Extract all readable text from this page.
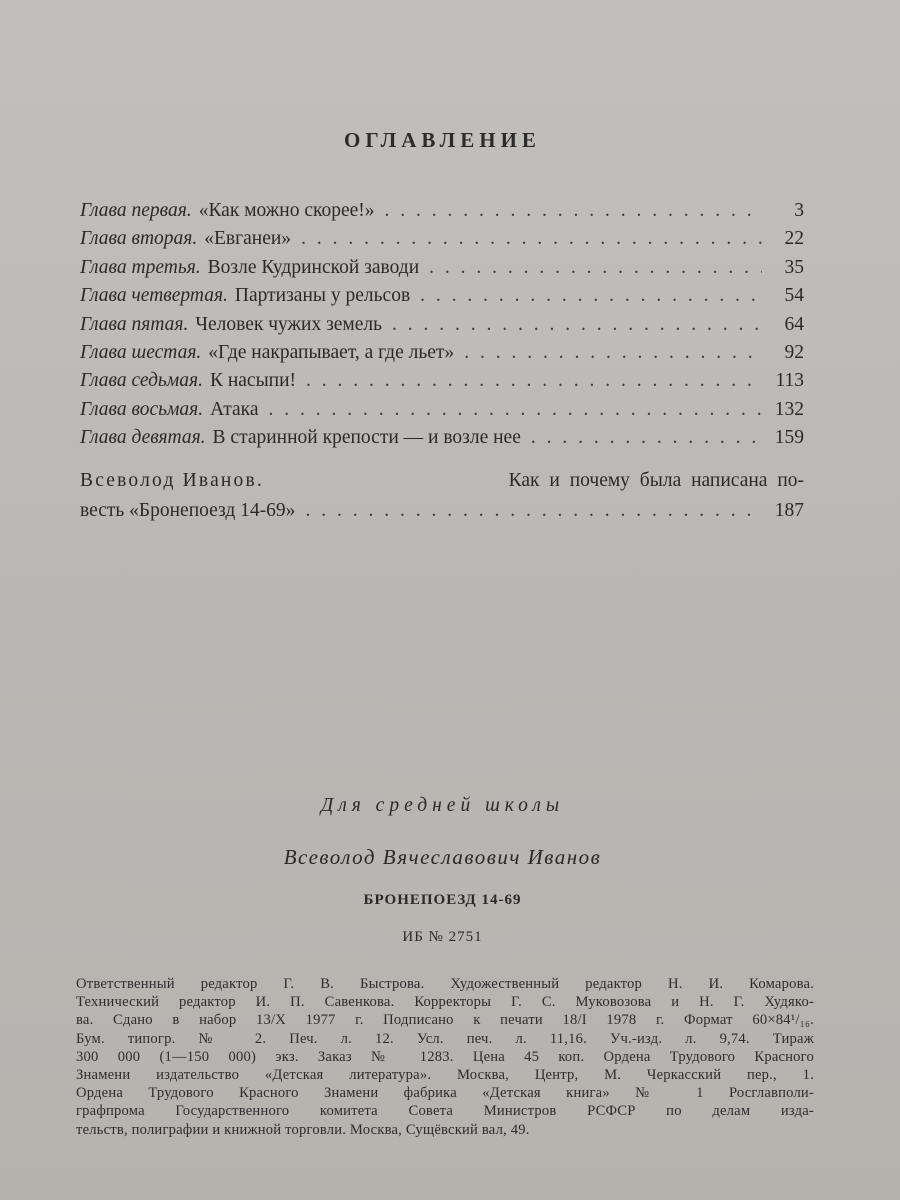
ОГЛАВЛЕНИЕ
Глава первая. «Как можно скорее!» . . .	3
Глава вторая. «Евганеи» . . .	22
Глава третья. Возле Кудринской заводи . . .	35
Глава четвертая. Партизаны у рельсов . . .	54
Глава пятая. Человек чужих земель . . .	64
Глава шестая. «Где накрапывает, а где льет» . . .	92
Глава седьмая. К насыпи! . . .	113
Глава восьмая. Атака . . .	132
Глава девятая. В старинной крепости — и возле нее . . .	159
Всеволод Иванов.	Как и почему была написана по-
весть «Бронепоезд 14-69» . . .	187
Для средней школы
Всеволод Вячеславович Иванов
БРОНЕПОЕЗД 14-69
ИБ № 2751
Ответственный редактор Г. В. Быстрова. Художественный редактор Н. И. Комарова.
Технический редактор И. П. Савенкова. Корректоры Г. С. Муковозова и Н. Г. Худяко-
ва. Сдано в набор 13/X 1977 г. Подписано к печати 18/I 1978 г. Формат 60×84¹/₁₆.
Бум. типогр. № 2. Печ. л. 12. Усл. печ. л. 11,16. Уч.-изд. л. 9,74. Тираж
300 000 (1—150 000) экз. Заказ № 1283. Цена 45 коп. Ордена Трудового Красного
Знамени издательство «Детская литература». Москва, Центр, М. Черкасский пер., 1.
Ордена Трудового Красного Знамени фабрика «Детская книга» № 1 Росглавполи-
графпрома Государственного комитета Совета Министров РСФСР по делам изда-
тельств, полиграфии и книжной торговли. Москва, Сущёвский вал, 49.
